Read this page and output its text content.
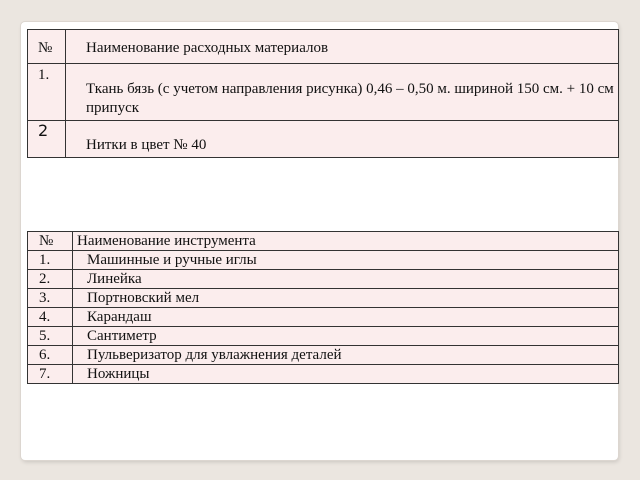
№	Наименование расходных материалов
1.	Ткань бязь (с учетом направления рисунка) 0,46 – 0,50 м. шириной 150 см. + 10 см припуск
2	Нитки в цвет № 40
№	Наименование инструмента
1.	Машинные и ручные иглы
2.	Линейка
3.	Портновский мел
4.	Карандаш
5.	Сантиметр
6.	Пульверизатор для увлажнения деталей
7.	Ножницы
